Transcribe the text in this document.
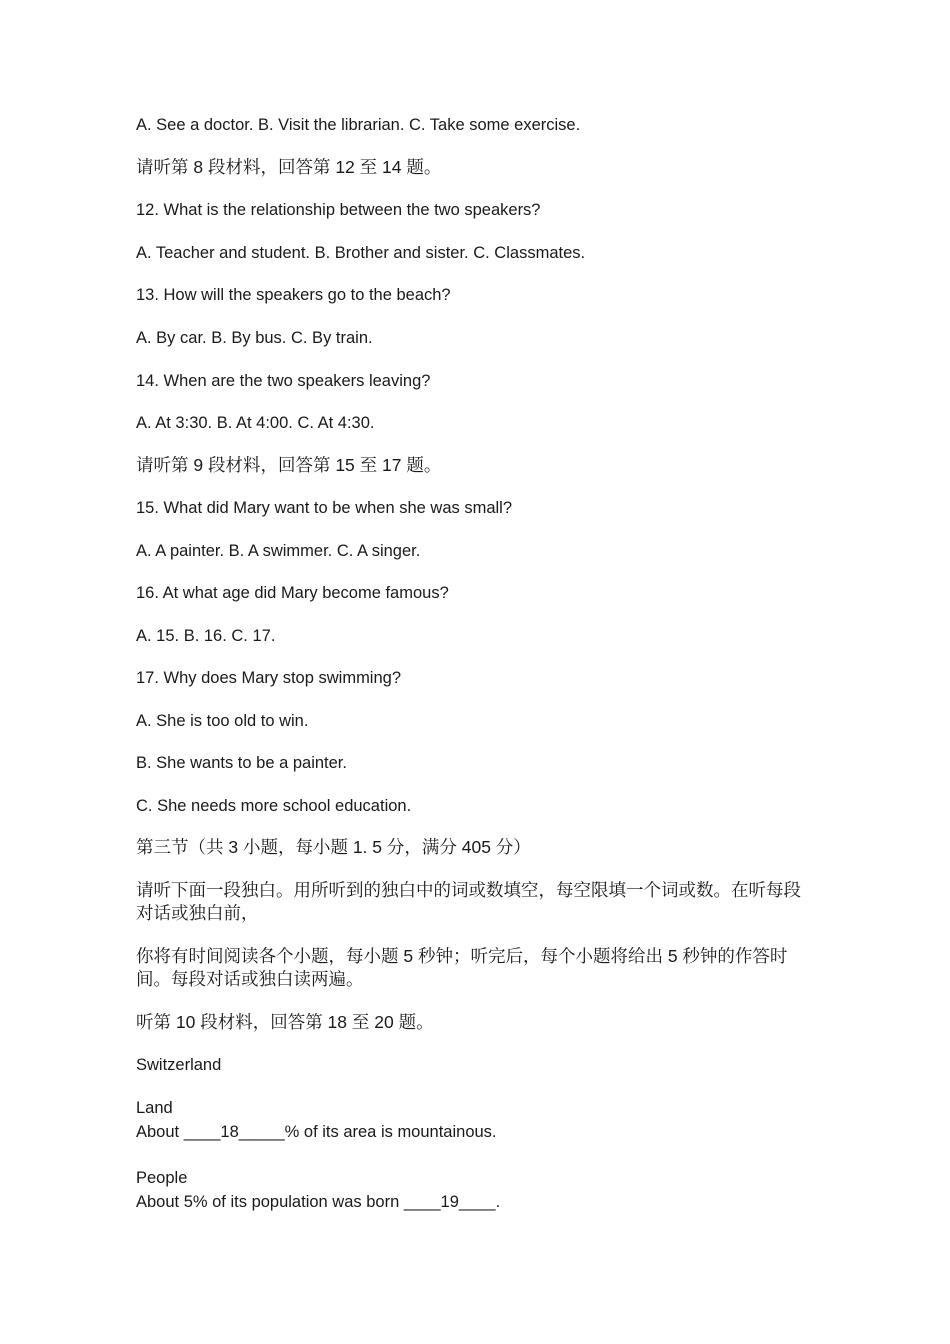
A. See a doctor. B. Visit the librarian. C. Take some exercise.

请听第 8 段材料，回答第 12 至 14 题。

12. What is the relationship between the two speakers?

A. Teacher and student. B. Brother and sister. C. Classmates.

13. How will the speakers go to the beach?

A. By car. B. By bus. C. By train.

14. When are the two speakers leaving?

A. At 3:30. B. At 4:00. C. At 4:30.

请听第 9 段材料，回答第 15 至 17 题。

15. What did Mary want to be when she was small?

A. A painter. B. A swimmer. C. A singer.

16. At what age did Mary become famous?

A. 15. B. 16. C. 17.

17. Why does Mary stop swimming?

A. She is too old to win.

B. She wants to be a painter.

C. She needs more school education.

第三节（共 3 小题，每小题 1. 5 分，满分 405 分）

请听下面一段独白。用所听到的独白中的词或数填空，每空限填一个词或数。在听每段对话或独白前，

你将有时间阅读各个小题，每小题 5 秒钟；听完后，每个小题将给出 5 秒钟的作答时间。每段对话或独白读两遍。

听第 10 段材料，回答第 18 至 20 题。

Switzerland

Land

About ____18_____% of its area is mountainous.

People

About 5% of its population was born ____19____.
